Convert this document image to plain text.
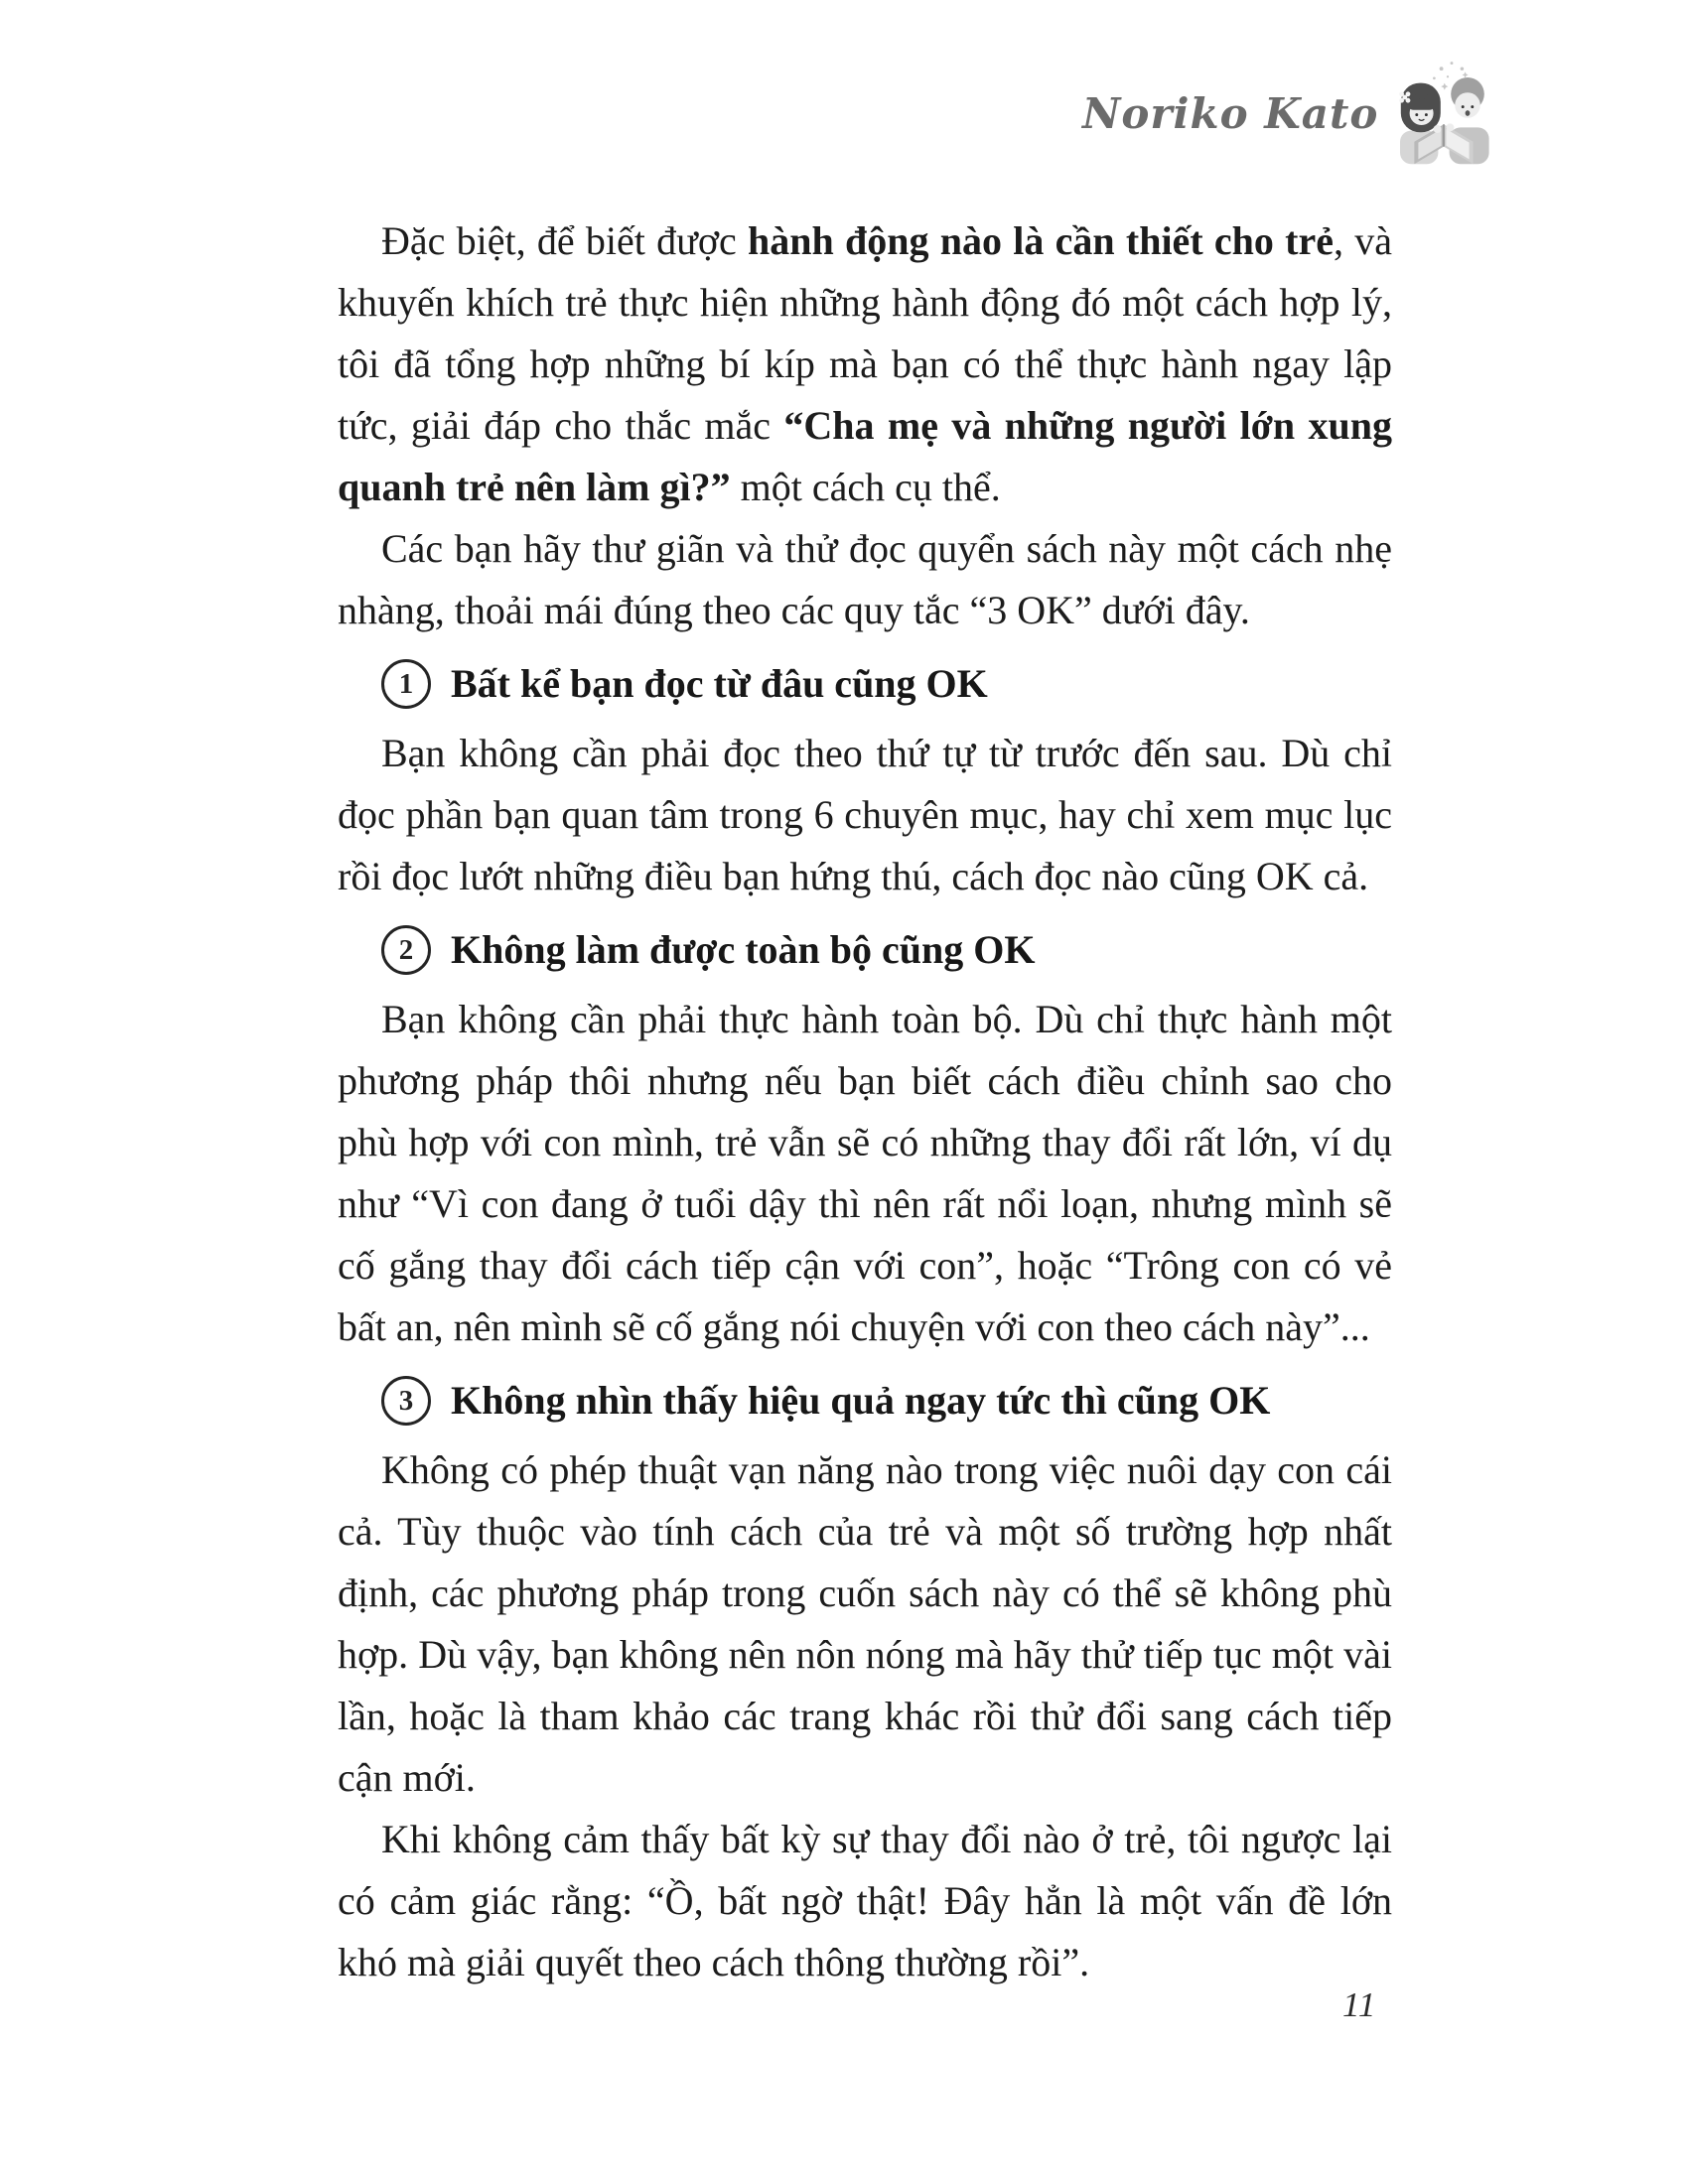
Noriko Kato

Đặc biệt, để biết được hành động nào là cần thiết cho trẻ, và khuyến khích trẻ thực hiện những hành động đó một cách hợp lý, tôi đã tổng hợp những bí kíp mà bạn có thể thực hành ngay lập tức, giải đáp cho thắc mắc “Cha mẹ và những người lớn xung quanh trẻ nên làm gì?” một cách cụ thể.

Các bạn hãy thư giãn và thử đọc quyển sách này một cách nhẹ nhàng, thoải mái đúng theo các quy tắc “3 OK” dưới đây.

1 Bất kể bạn đọc từ đâu cũng OK

Bạn không cần phải đọc theo thứ tự từ trước đến sau. Dù chỉ đọc phần bạn quan tâm trong 6 chuyên mục, hay chỉ xem mục lục rồi đọc lướt những điều bạn hứng thú, cách đọc nào cũng OK cả.

2 Không làm được toàn bộ cũng OK

Bạn không cần phải thực hành toàn bộ. Dù chỉ thực hành một phương pháp thôi nhưng nếu bạn biết cách điều chỉnh sao cho phù hợp với con mình, trẻ vẫn sẽ có những thay đổi rất lớn, ví dụ như “Vì con đang ở tuổi dậy thì nên rất nổi loạn, nhưng mình sẽ cố gắng thay đổi cách tiếp cận với con”, hoặc “Trông con có vẻ bất an, nên mình sẽ cố gắng nói chuyện với con theo cách này”...

3 Không nhìn thấy hiệu quả ngay tức thì cũng OK

Không có phép thuật vạn năng nào trong việc nuôi dạy con cái cả. Tùy thuộc vào tính cách của trẻ và một số trường hợp nhất định, các phương pháp trong cuốn sách này có thể sẽ không phù hợp. Dù vậy, bạn không nên nôn nóng mà hãy thử tiếp tục một vài lần, hoặc là tham khảo các trang khác rồi thử đổi sang cách tiếp cận mới.

Khi không cảm thấy bất kỳ sự thay đổi nào ở trẻ, tôi ngược lại có cảm giác rằng: “Ồ, bất ngờ thật! Đây hẳn là một vấn đề lớn khó mà giải quyết theo cách thông thường rồi”.

11
